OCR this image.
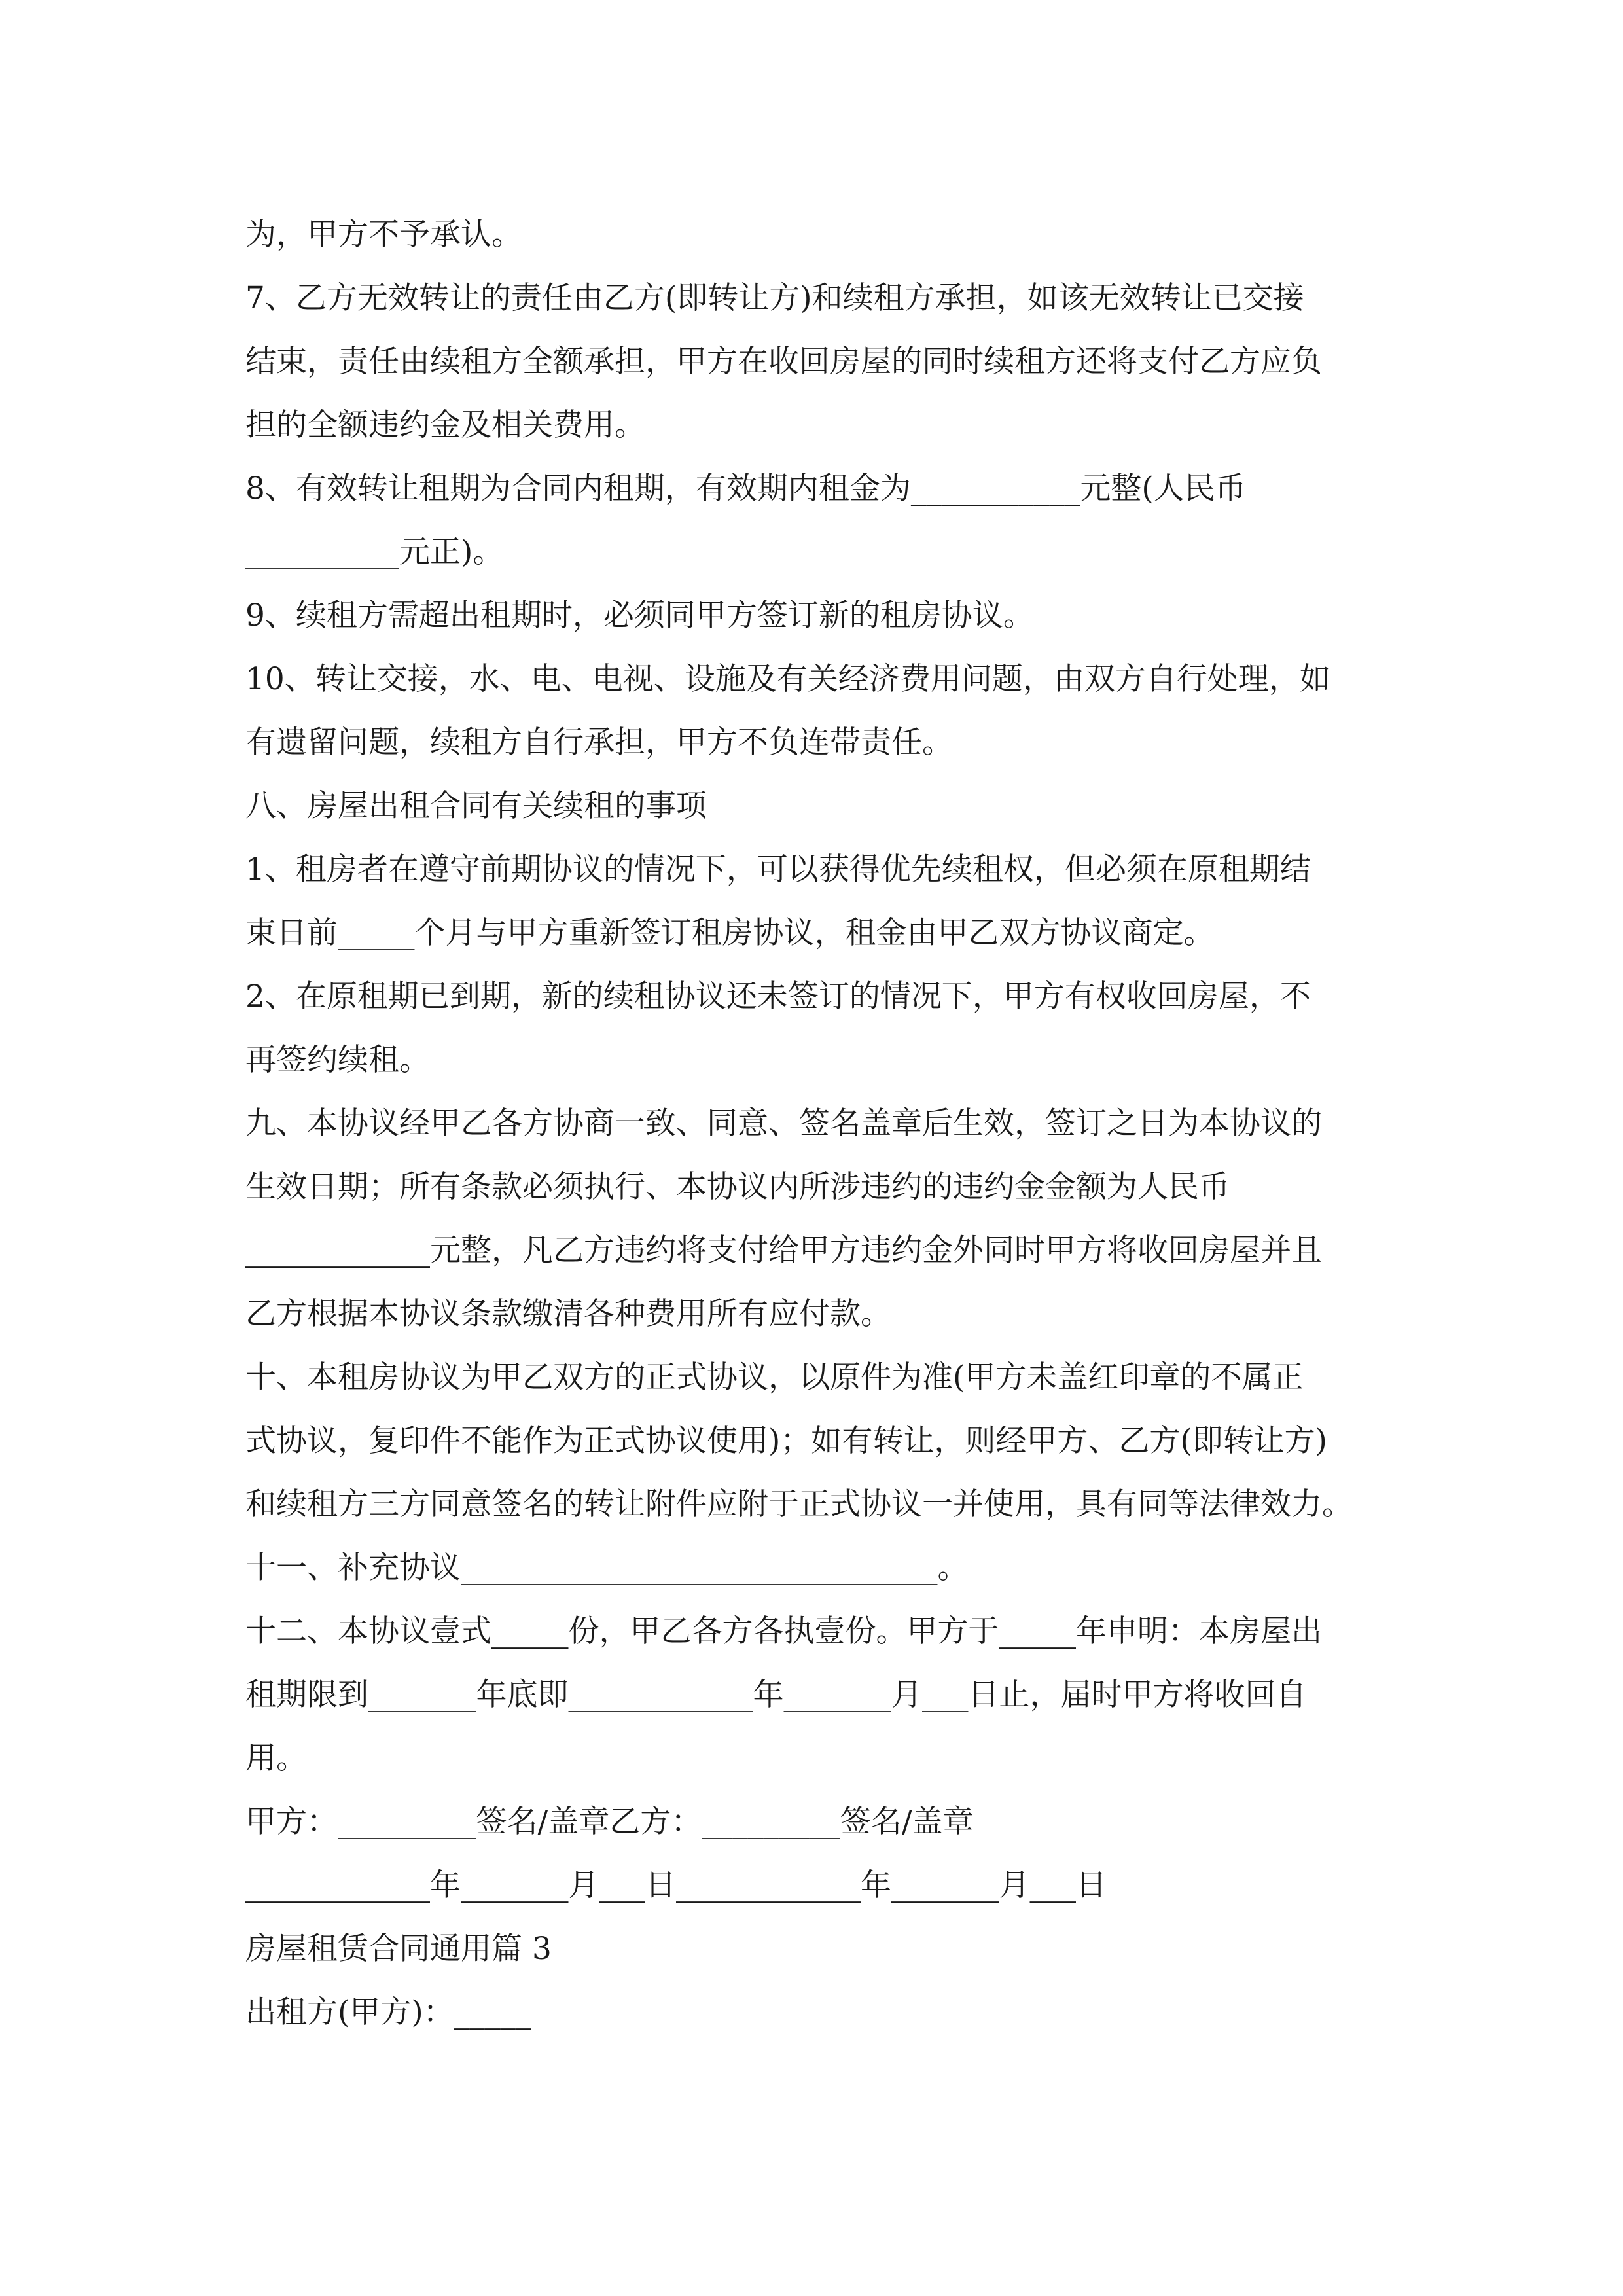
为，甲方不予承认。
7、乙方无效转让的责任由乙方(即转让方)和续租方承担，如该无效转让已交接
结束，责任由续租方全额承担，甲方在收回房屋的同时续租方还将支付乙方应负
担的全额违约金及相关费用。
8、有效转让租期为合同内租期，有效期内租金为___________元整(人民币
__________元正)。
9、续租方需超出租期时，必须同甲方签订新的租房协议。
10、转让交接，水、电、电视、设施及有关经济费用问题，由双方自行处理，如
有遗留问题，续租方自行承担，甲方不负连带责任。
八、房屋出租合同有关续租的事项
1、租房者在遵守前期协议的情况下，可以获得优先续租权，但必须在原租期结
束日前_____个月与甲方重新签订租房协议，租金由甲乙双方协议商定。
2、在原租期已到期，新的续租协议还未签订的情况下，甲方有权收回房屋，不
再签约续租。
九、本协议经甲乙各方协商一致、同意、签名盖章后生效，签订之日为本协议的
生效日期；所有条款必须执行、本协议内所涉违约的违约金金额为人民币
____________元整，凡乙方违约将支付给甲方违约金外同时甲方将收回房屋并且
乙方根据本协议条款缴清各种费用所有应付款。
十、本租房协议为甲乙双方的正式协议，以原件为准(甲方未盖红印章的不属正
式协议，复印件不能作为正式协议使用)；如有转让，则经甲方、乙方(即转让方)
和续租方三方同意签名的转让附件应附于正式协议一并使用，具有同等法律效力。
十一、补充协议_______________________________。
十二、本协议壹式_____份，甲乙各方各执壹份。甲方于_____年申明：本房屋出
租期限到_______年底即____________年_______月___日止，届时甲方将收回自
用。
甲方：_________签名/盖章乙方：_________签名/盖章
____________年_______月___日____________年_______月___日
房屋租赁合同通用篇 3
出租方(甲方)：_____
